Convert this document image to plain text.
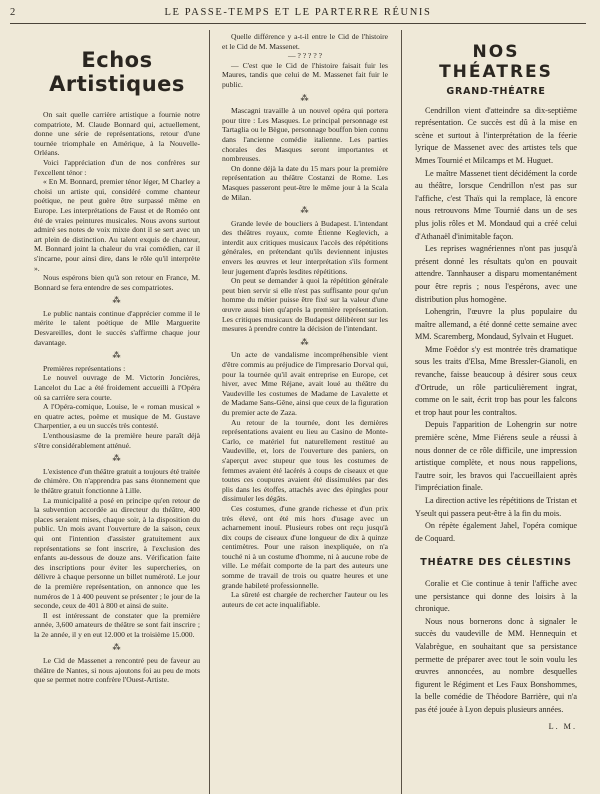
2	LE PASSE-TEMPS ET LE PARTERRE RÉUNIS
Echos Artistiques

On sait quelle carrière artistique a fournie notre compatriote, M. Claude Bonnard qui, actuellement, donne une série de représentations, retour d'une tournée triomphale en Amérique, à la Nouvelle-Orléans.

Voici l'appréciation d'un de nos confrères sur l'excellent ténor :

« En M. Bonnard, premier ténor léger, M Charley a choisi un artiste qui, considéré comme chanteur poétique, ne peut guère être surpassé même en Europe. Les interprétations de Faust et de Roméo ont été de vraies peintures musicales. Nous avons surtout admiré ses notes de voix mixte dont il se sert avec un art plein de distinction. Au talent exquis de chanteur, M. Bonnard joint la chaleur du vrai comédien, car il s'incarne, pour ainsi dire, dans le rôle qu'il interprète ».

Nous espérons bien qu'à son retour en France, M. Bonnard se fera entendre de ses compatriotes.

⁂

Le public nantais continue d'apprécier comme il le mérite le talent poétique de Mlle Marguerite Desvareilles, dont le succès s'affirme chaque jour davantage.

⁂

Premières représentations :

Le nouvel ouvrage de M. Victorin Joncières, Lancelot du Lac a été froidement accueilli à l'Opéra où sa carrière sera courte.

A l'Opéra-comique, Louise, le « roman musical » en quatre actes, poème et musique de M. Gustave Charpentier, a eu un succès très contesté.

L'enthousiasme de la première heure paraît déjà s'être considérablement atténué.

⁂

L'existence d'un théâtre gratuit a toujours été traitée de chimère. On n'apprendra pas sans étonnement que le théâtre gratuit fonctionne à Lille.

La municipalité a posé en principe qu'en retour de la subvention accordée au directeur du théâtre, 400 places seraient mises, chaque soir, à la disposition du public. Un mois avant l'ouverture de la saison, ceux qui ont l'intention d'assister gratuitement aux représentations se font inscrire, à l'exclusion des enfants au-dessous de douze ans. Vérification faite des inscriptions pour éviter les supercheries, on délivre à chaque personne un billet numéroté. Le jour de la première représentation, on annonce que les numéros de 1 à 400 peuvent se présenter ; le jour de la seconde, ceux de 401 à 800 et ainsi de suite.

Il est intéressant de constater que la première année, 3,600 amateurs de théâtre se sont fait inscrire ; la 2e année, il y en eut 12.000 et la troisième 15.000.

⁂

Le Cid de Massenet a rencontré peu de faveur au théâtre de Nantes, si nous ajoutons foi au peu de mots que se permet notre confrère l'Ouest-Artiste.

Quelle différence y a-t-il entre le Cid de l'histoire et le Cid de M. Massenet.

— ? ? ? ? ?

— C'est que le Cid de l'histoire faisait fuir les Maures, tandis que celui de M. Massenet fait fuir le public.

⁂

Mascagni travaille à un nouvel opéra qui portera pour titre : Les Masques. Le principal personnage est Tartaglia ou le Bègue, personnage bouffon bien connu dans l'ancienne comédie italienne. Les parties chorales des Masques seront importantes et nombreuses.

On donne déjà la date du 15 mars pour la première représentation au théâtre Costanzi de Rome. Les Masques passeront peut-être le même jour à la Scala de Milan.

⁂

Grande levée de boucliers à Budapest. L'intendant des théâtres royaux, comte Étienne Keglevich, a interdit aux critiques musicaux l'accès des répétitions générales, en prétendant qu'ils deviennent injustes envers les œuvres et leur interprétation s'ils forment leur jugement d'après lesdites répétitions.

On peut se demander à quoi la répétition générale peut bien servir si elle n'est pas suffisante pour qu'un homme du métier puisse être fixé sur la valeur d'une œuvre aussi bien qu'après la première représentation. Les critiques musicaux de Budapest délibèrent sur les mesures à prendre contre la décision de l'intendant.

⁂

Un acte de vandalisme incompréhensible vient d'être commis au préjudice de l'impresario Dorval qui, pour la tournée qu'il avait entreprise en Europe, cet hiver, avec Mme Réjane, avait loué au théâtre du Vaudeville les costumes de Madame de Lavalette et de Madame Sans-Gêne, ainsi que ceux de la figuration du premier acte de Zaza.

Au retour de la tournée, dont les dernières représentations avaient eu lieu au Casino de Monte-Carlo, ce matériel fut naturellement restitué au Vaudeville, et, lors de l'ouverture des paniers, on s'aperçut avec stupeur que tous les costumes de femmes avaient été lacérés à coups de ciseaux et que toutes ces coupures avaient été dissimulées par des plis dans les étoffes, attachés avec des épingles pour dissimuler les dégâts.

Ces costumes, d'une grande richesse et d'un prix très élevé, ont été mis hors d'usage avec un acharnement inouï. Plusieurs robes ont reçu jusqu'à dix coups de ciseaux d'une longueur de dix à quinze centimètres. Pour une raison inexpliquée, on n'a touché ni à un costume d'homme, ni à aucune robe de ville. Le méfait comporte de la part des auteurs une somme de travail de trois ou quatre heures et une grande habileté professionnelle.

La sûreté est chargée de rechercher l'auteur ou les auteurs de cet acte inqualifiable.

NOS THÉATRES
GRAND-THÉATRE

Cendrillon vient d'atteindre sa dix-septième représentation. Ce succès est dû à la mise en scène et surtout à l'interprétation de la féerie lyrique de Massenet avec des artistes tels que Mmes Tournié et Milcamps et M. Huguet.

Le maître Massenet tient décidément la corde au théâtre, lorsque Cendrillon n'est pas sur l'affiche, c'est Thaïs qui la remplace, là encore nous retrouvons Mme Tournié dans un de ses plus jolis rôles et M. Mondaud qui a créé celui d'Athanaël d'inimitable façon.

Les reprises wagnériennes n'ont pas jusqu'à présent donné les résultats qu'on en pouvait attendre. Tannhauser a disparu momentanément pour être repris ; nous l'espérons, avec une distribution plus homogène.

Lohengrin, l'œuvre la plus populaire du maître allemand, a été donné cette semaine avec MM. Scaremberg, Mondaud, Sylvain et Huguet.

Mme Foëdor s'y est montrée très dramatique sous les traits d'Elsa, Mme Bressler-Gianoli, en revanche, faisse beaucoup à désirer sous ceux d'Ortrude, un rôle particulièrement ingrat, comme on le sait, écrit trop bas pour les falcons et trop haut pour les contraltos.

Depuis l'apparition de Lohengrin sur notre première scène, Mme Fiérens seule a réussi à nous donner de ce rôle difficile, une impression artistique complète, et nous nous rappelions, l'autre soir, les bravos qui l'accueillaient après l'impréciation finale.

La direction active les répétitions de Tristan et Yseult qui passera peut-être à la fin du mois.

On répète également Jahel, l'opéra comique de Coquard.

THÉATRE DES CÉLESTINS

Coralie et Cie continue à tenir l'affiche avec une persistance qui donne des loisirs à la chronique.

Nous nous bornerons donc à signaler le succès du vaudeville de MM. Hennequin et Valabrègue, en souhaitant que sa persistance permette de préparer avec tout le soin voulu les œuvres annoncées, au nombre desquelles figurent le Régiment et Les Faux Bonshommes, la belle comédie de Théodore Barrière, qui n'a pas été jouée à Lyon depuis plusieurs années.

L. M.
